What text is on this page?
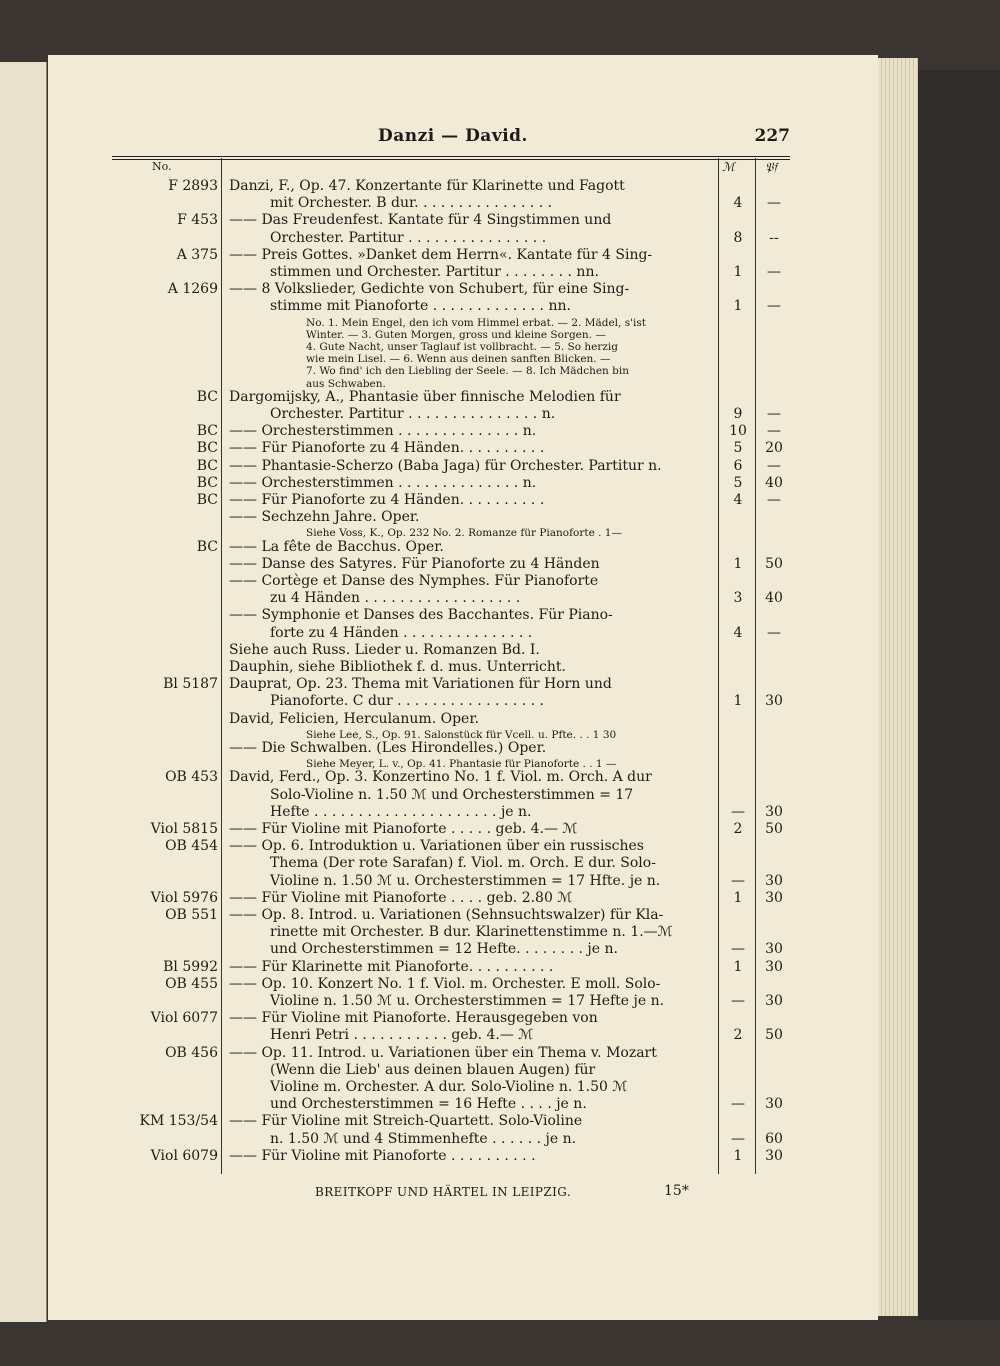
Danzi — David.	227
No.	ℳ	𝔓𝔣
F 2893 Danzi, F., Op. 47. Konzertante für Klarinette und Fagott
mit Orchester. B dur. . . . . . . . . . . . . . . .	4	—
F 453 —— Das Freudenfest. Kantate für 4 Singstimmen und
Orchester. Partitur . . . . . . . . . . . . . . . .	8	--
A 375 —— Preis Gottes. »Danket dem Herrn«. Kantate für 4 Sing-
stimmen und Orchester. Partitur . . . . . . . . nn.	1	—
A 1269 —— 8 Volkslieder, Gedichte von Schubert, für eine Sing-
stimme mit Pianoforte . . . . . . . . . . . . . nn.	1	—
No. 1. Mein Engel, den ich vom Himmel erbat. — 2. Mädel, s'ist
Winter. — 3. Guten Morgen, gross und kleine Sorgen. —
4. Gute Nacht, unser Taglauf ist vollbracht. — 5. So herzig
wie mein Lisel. — 6. Wenn aus deinen sanften Blicken. —
7. Wo find' ich den Liebling der Seele. — 8. Ich Mädchen bin
aus Schwaben.
BC Dargomijsky, A., Phantasie über finnische Melodien für
Orchester. Partitur . . . . . . . . . . . . . . . n.	9	—
BC —— Orchesterstimmen . . . . . . . . . . . . . . n.	10	—
BC —— Für Pianoforte zu 4 Händen. . . . . . . . . .	5	20
BC —— Phantasie-Scherzo (Baba Jaga) für Orchester. Partitur n.	6	—
BC —— Orchesterstimmen . . . . . . . . . . . . . . n.	5	40
BC —— Für Pianoforte zu 4 Händen. . . . . . . . . .	4	—
—— Sechzehn Jahre. Oper.
Siehe Voss, K., Op. 232 No. 2. Romanze für Pianoforte . 1—
BC —— La fête de Bacchus. Oper.
—— Danse des Satyres. Für Pianoforte zu 4 Händen	1	50
—— Cortège et Danse des Nymphes. Für Pianoforte
zu 4 Händen . . . . . . . . . . . . . . . . . .	3	40
—— Symphonie et Danses des Bacchantes. Für Piano-
forte zu 4 Händen . . . . . . . . . . . . . . .	4	—
Siehe auch Russ. Lieder u. Romanzen Bd. I.
Dauphin, siehe Bibliothek f. d. mus. Unterricht.
Bl 5187 Dauprat, Op. 23. Thema mit Variationen für Horn und
Pianoforte. C dur . . . . . . . . . . . . . . . . .	1	30
David, Felicien, Herculanum. Oper.
Siehe Lee, S., Op. 91. Salonstück für Vcell. u. Pfte. . . 1 30
—— Die Schwalben. (Les Hirondelles.) Oper.
Siehe Meyer, L. v., Op. 41. Phantasie für Pianoforte . . 1 —
OB 453 David, Ferd., Op. 3. Konzertino No. 1 f. Viol. m. Orch. A dur
Solo-Violine n. 1.50 ℳ und Orchesterstimmen = 17
Hefte . . . . . . . . . . . . . . . . . . . . . je n.	—	30
Viol 5815 —— Für Violine mit Pianoforte . . . . . geb. 4.— ℳ	2	50
OB 454 —— Op. 6. Introduktion u. Variationen über ein russisches
Thema (Der rote Sarafan) f. Viol. m. Orch. E dur. Solo-
Violine n. 1.50 ℳ u. Orchesterstimmen = 17 Hfte. je n.	—	30
Viol 5976 —— Für Violine mit Pianoforte . . . . geb. 2.80 ℳ	1	30
OB 551 —— Op. 8. Introd. u. Variationen (Sehnsuchtswalzer) für Kla-
rinette mit Orchester. B dur. Klarinettenstimme n. 1.—ℳ
und Orchesterstimmen = 12 Hefte. . . . . . . . je n.	—	30
Bl 5992 —— Für Klarinette mit Pianoforte. . . . . . . . . .	1	30
OB 455 —— Op. 10. Konzert No. 1 f. Viol. m. Orchester. E moll. Solo-
Violine n. 1.50 ℳ u. Orchesterstimmen = 17 Hefte je n.	—	30
Viol 6077 —— Für Violine mit Pianoforte. Herausgegeben von
Henri Petri . . . . . . . . . . . geb. 4.— ℳ	2	50
OB 456 —— Op. 11. Introd. u. Variationen über ein Thema v. Mozart
(Wenn die Lieb' aus deinen blauen Augen) für
Violine m. Orchester. A dur. Solo-Violine n. 1.50 ℳ
und Orchesterstimmen = 16 Hefte . . . . je n.	—	30
KM 153/54 —— Für Violine mit Streich-Quartett. Solo-Violine
n. 1.50 ℳ und 4 Stimmenhefte . . . . . . je n.	—	60
Viol 6079 —— Für Violine mit Pianoforte . . . . . . . . . .	1	30
BREITKOPF UND HÄRTEL IN LEIPZIG.	15*
